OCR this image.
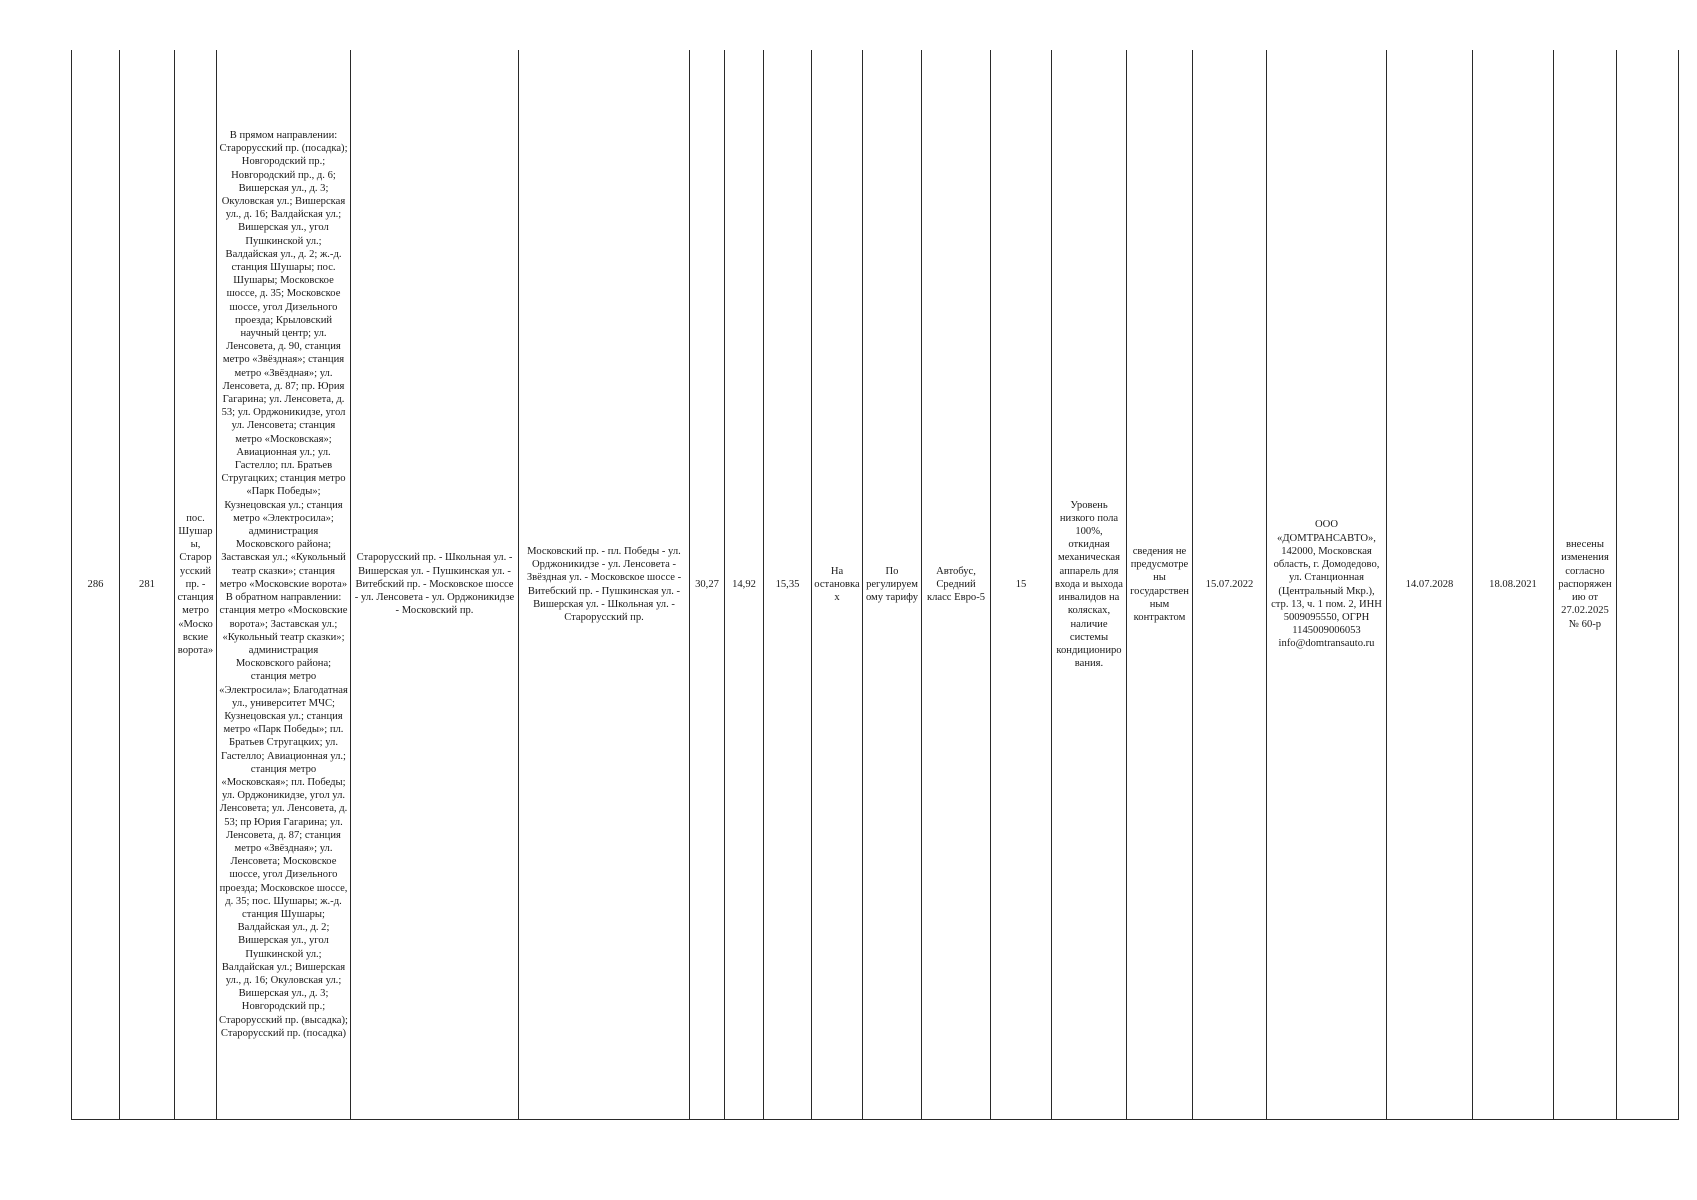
286	281	пос. Шушары, Старорусский пр. - станция метро «Московские ворота»	В прямом направлении: Старорусский пр. (посадка); Новгородский пр.; Новгородский пр., д. 6; Вишерская ул., д. 3; Окуловская ул.; Вишерская ул., д. 16; Валдайская ул.; Вишерская ул., угол Пушкинской ул.; Валдайская ул., д. 2; ж.-д. станция Шушары; пос. Шушары; Московское шоссе, д. 35; Московское шоссе, угол Дизельного проезда; Крыловский научный центр; ул. Ленсовета, д. 90, станция метро «Звёздная»; станция метро «Звёздная»; ул. Ленсовета, д. 87; пр. Юрия Гагарина; ул. Ленсовета, д. 53; ул. Орджоникидзе, угол ул. Ленсовета; станция метро «Московская»; Авиационная ул.; ул. Гастелло; пл. Братьев Стругацких; станция метро «Парк Победы»; Кузнецовская ул.; станция метро «Электросила»; администрация Московского района; Заставская ул.; «Кукольный театр сказки»; станция метро «Московские ворота» В обратном направлении: станция метро «Московские ворота»; Заставская ул.; «Кукольный театр сказки»; администрация Московского района; станция метро «Электросила»; Благодатная ул., университет МЧС; Кузнецовская ул.; станция метро «Парк Победы»; пл. Братьев Стругацких; ул. Гастелло; Авиационная ул.; станция метро «Московская»; пл. Победы; ул. Орджоникидзе, угол ул. Ленсовета; ул. Ленсовета, д. 53; пр Юрия Гагарина; ул. Ленсовета, д. 87; станция метро «Звёздная»; ул. Ленсовета; Московское шоссе, угол Дизельного проезда; Московское шоссе, д. 35; пос. Шушары; ж.-д. станция Шушары; Валдайская ул., д. 2; Вишерская ул., угол Пушкинской ул.; Валдайская ул.; Вишерская ул., д. 16; Окуловская ул.; Вишерская ул., д. 3; Новгородский пр.; Старорусский пр. (высадка); Старорусский пр. (посадка)	Старорусский пр. - Школьная ул. - Вишерская ул. - Пушкинская ул. - Витебский пр. - Московское шоссе - ул. Ленсовета - ул. Орджоникидзе - Московский пр.	Московский пр. - пл. Победы - ул. Орджоникидзе - ул. Ленсовета - Звёздная ул. - Московское шоссе - Витебский пр. - Пушкинская ул. - Вишерская ул. - Школьная ул. - Старорусский пр.	30,27	14,92	15,35	На остановках	По регулируемому тарифу	Автобус, Средний класс Евро-5	15	Уровень низкого пола 100%, откидная механическая аппарель для входа и выхода инвалидов на колясках, наличие системы кондиционирования.	сведения не предусмотрены государственным контрактом	15.07.2022	ООО «ДОМТРАНСАВТО», 142000, Московская область, г. Домодедово, ул. Станционная (Центральный Мкр.), стр. 13, ч. 1 пом. 2, ИНН 5009095550, ОГРН 1145009006053 info@domtransauto.ru	14.07.2028	18.08.2021	внесены изменения согласно распоряжению от 27.02.2025 № 60-р	
